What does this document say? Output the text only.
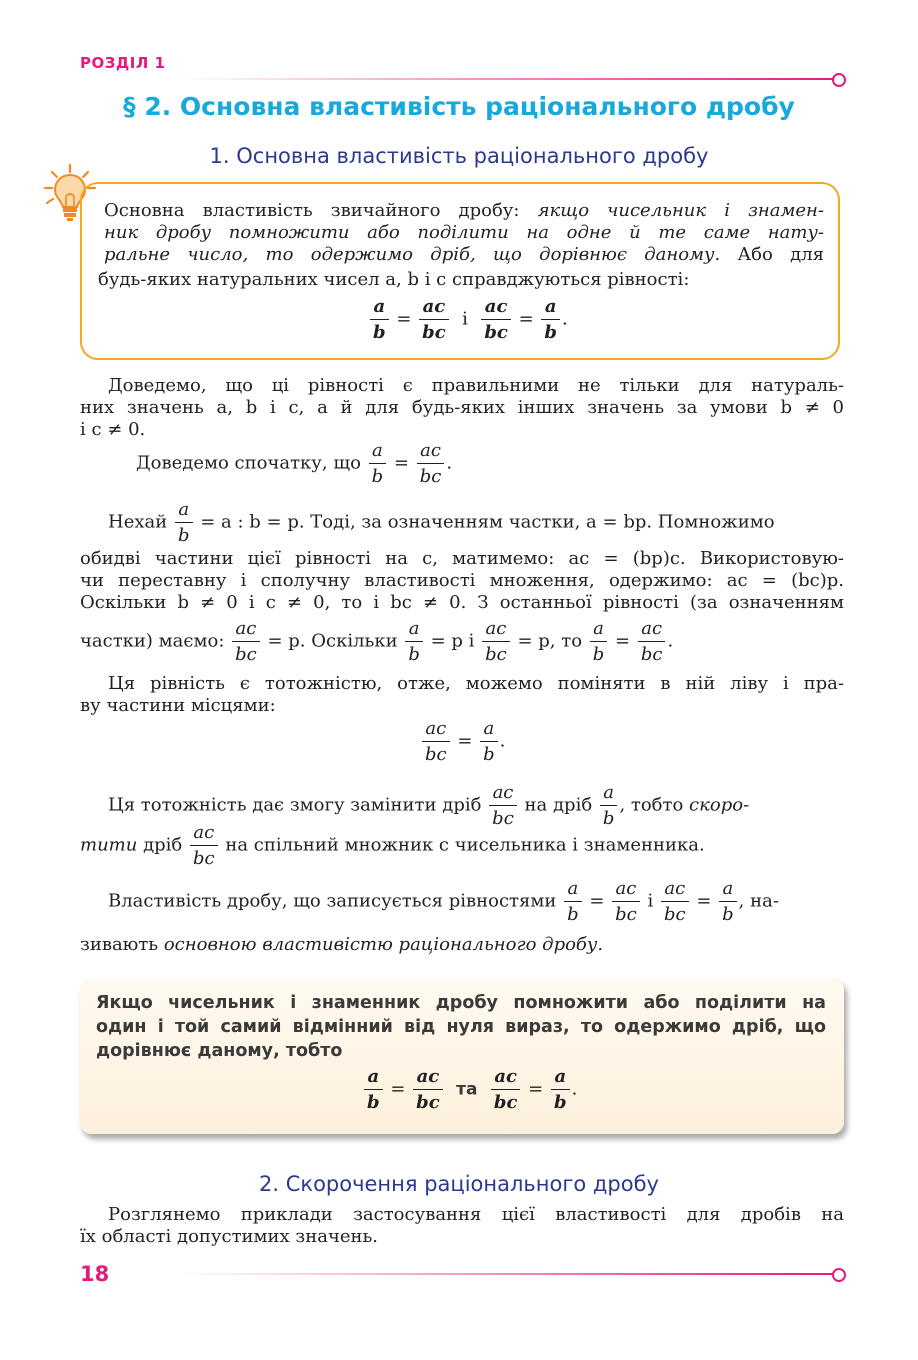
РОЗДІЛ 1
§ 2. Основна властивість раціонального дробу
1. Основна властивість раціонального дробу
Основна властивість звичайного дробу: якщо чисельник і знамен-
ник дробу помножити або поділити на одне й те саме нату-
ральне число, то одержимо дріб, що дорівнює даному. Або для
будь-яких натуральних чисел a, b і c справджуються рівності:
$\frac{a}{b} = \frac{ac}{bc}$ і $\frac{ac}{bc} = \frac{a}{b}$ .
Доведемо, що ці рівності є правильними не тільки для натураль-
них значень a, b і c, а й для будь-яких інших значень за умови b ≠ 0
і c ≠ 0.
Доведемо спочатку, що $\frac{a}{b} = \frac{ac}{bc}$ .
Нехай $\frac{a}{b} = a$ : b = p. Тоді, за означенням частки, a = bp. Помножимо
обидві частини цієї рівності на c, матимемо: ac = (bp)c. Використовую-
чи переставну і сполучну властивості множення, одержимо: ac = (bc)p.
Оскільки b ≠ 0 і c ≠ 0, то і bc ≠ 0. З останньої рівності (за означенням
частки) маємо: $\frac{ac}{bc} = p$. Оскільки $\frac{a}{b} = p$ і $\frac{ac}{bc} = p$, то $\frac{a}{b} = \frac{ac}{bc}$ .
Ця рівність є тотожністю, отже, можемо поміняти в ній ліву і пра-
ву частини місцями:
$\frac{ac}{bc} = \frac{a}{b}$ .
Ця тотожність дає змогу замінити дріб $\frac{ac}{bc}$ на дріб $\frac{a}{b}$ , тобто скоро-
тити дріб $\frac{ac}{bc}$ на спільний множник c чисельника і знаменника.
Властивість дробу, що записується рівностями $\frac{a}{b} = \frac{ac}{bc}$ і $\frac{ac}{bc} = \frac{a}{b}$ , на-
зивають основною властивістю раціонального дробу.
Якщо чисельник і знаменник дробу помножити або поділити на
один і той самий відмінний від нуля вираз, то одержимо дріб, що
дорівнює даному, тобто
$\frac{a}{b} = \frac{ac}{bc}$ та $\frac{ac}{bc} = \frac{a}{b}$ .
2. Скорочення раціонального дробу
Розглянемо приклади застосування цієї властивості для дробів на
їх області допустимих значень.
18
